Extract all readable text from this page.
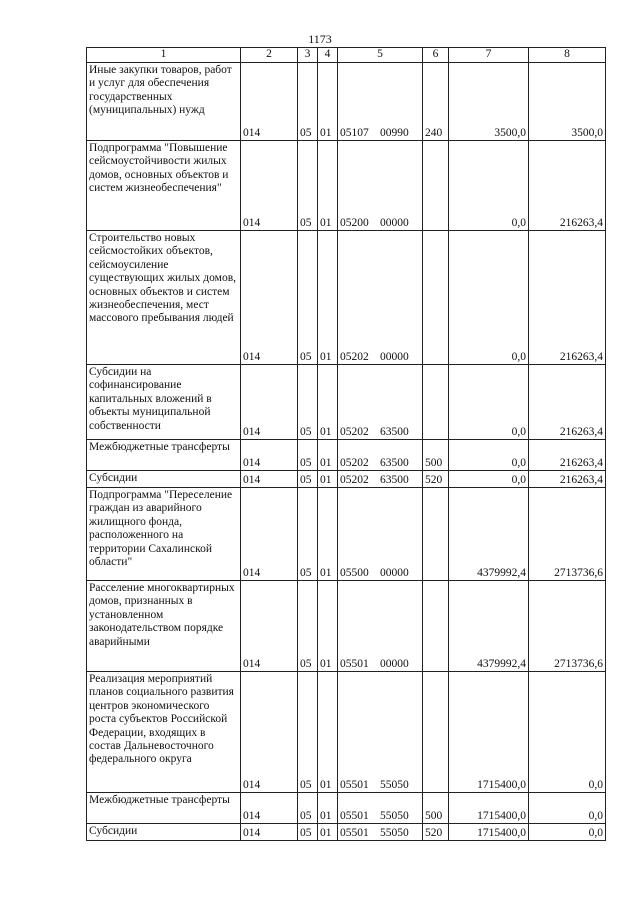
1173
1	2	3	4	5	6	7	8
Иные закупки товаров, работ и услуг для обеспечения государственных (муниципальных) нужд	014	05	01	05107 00990	240	3500,0	3500,0
Подпрограмма "Повышение сейсмоустойчивости жилых домов, основных объектов и систем жизнеобеспечения"	014	05	01	05200 00000		0,0	216263,4
Строительство новых сейсмостойких объектов, сейсмоусиление существующих жилых домов, основных объектов и систем жизнеобеспечения, мест массового пребывания людей	014	05	01	05202 00000		0,0	216263,4
Субсидии на софинансирование капитальных вложений в объекты муниципальной собственности	014	05	01	05202 63500		0,0	216263,4
Межбюджетные трансферты	014	05	01	05202 63500	500	0,0	216263,4
Субсидии	014	05	01	05202 63500	520	0,0	216263,4
Подпрограмма "Переселение граждан из аварийного жилищного фонда, расположенного на территории Сахалинской области"	014	05	01	05500 00000		4379992,4	2713736,6
Расселение многоквартирных домов, признанных в установленном законодательством порядке аварийными	014	05	01	05501 00000		4379992,4	2713736,6
Реализация мероприятий планов социального развития центров экономического роста субъектов Российской Федерации, входящих в состав Дальневосточного федерального округа	014	05	01	05501 55050		1715400,0	0,0
Межбюджетные трансферты	014	05	01	05501 55050	500	1715400,0	0,0
Субсидии	014	05	01	05501 55050	520	1715400,0	0,0
